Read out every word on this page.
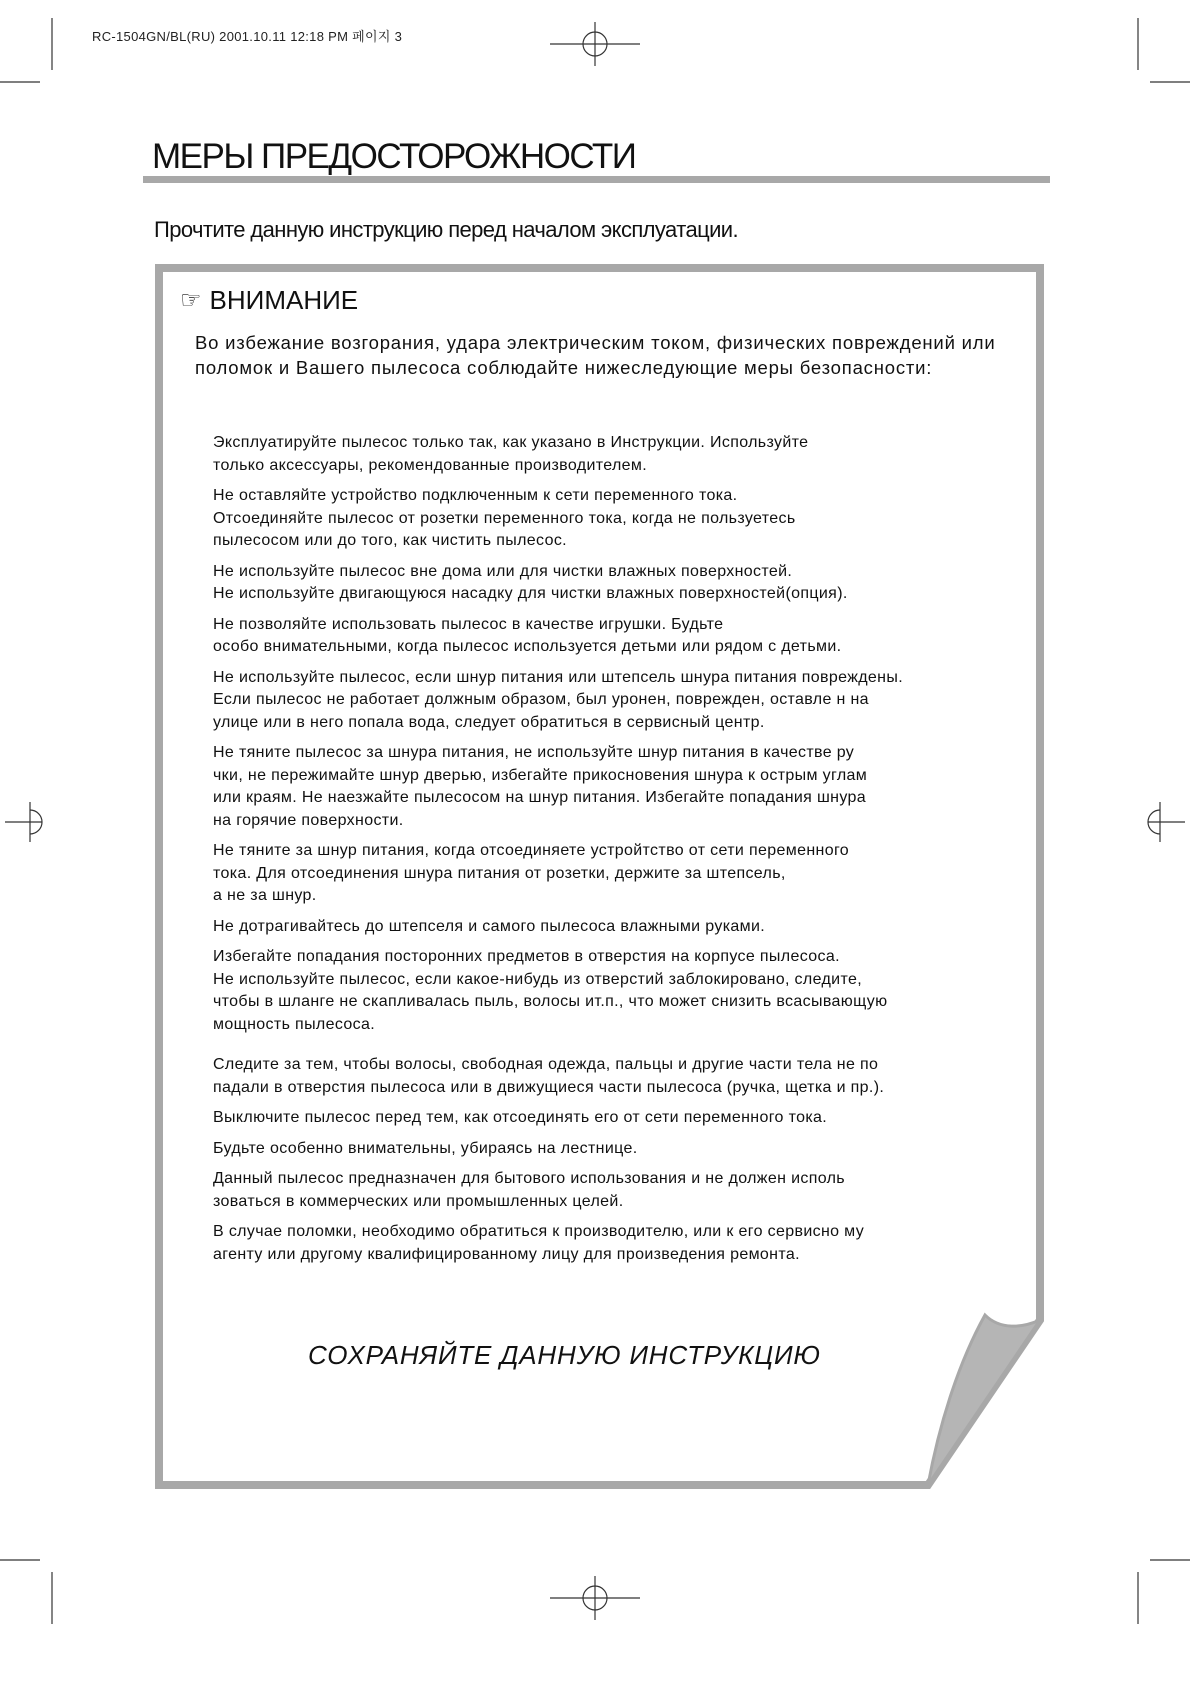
RC-1504GN/BL(RU) 2001.10.11 12:18 PM 페이지 3
МЕРЫ ПРЕДОСТОРОЖНОСТИ
Прочтите данную инструкцию перед началом эксплуатации.
☞ ВНИМАНИЕ
Во избежание возгорания, удара электрическим током, физических повреждений или поломок и Вашего пылесоса соблюдайте нижеследующие меры безопасности:
Эксплуатируйте пылесос только так, как указано в Инструкции. Используйте
только аксессуары, рекомендованные производителем.
Не оставляйте устройство подключенным к сети переменного тока.
Отсоединяйте пылесос от розетки переменного тока, когда не пользуетесь
пылесосом или до того, как чистить пылесос.
Не используйте пылесос вне дома или для чистки влажных поверхностей.
Не используйте двигающуюся насадку для чистки влажных поверхностей(опция).
Не позволяйте использовать пылесос в качестве игрушки. Будьте
особо внимательными, когда пылесос используется детьми или рядом с детьми.
Не используйте пылесос, если шнур питания или штепсель шнура питания повреждены.
Если пылесос не работает должным образом, был уронен, поврежден, оставле н на
улице или в него попала вода, следует обратиться в сервисный центр.
Не тяните пылесос за шнура питания, не используйте шнур питания в качестве ру
чки, не пережимайте шнур дверью, избегайте прикосновения шнура к острым углам
или краям. Не наезжайте пылесосом на шнур питания. Избегайте попадания шнура
на горячие поверхности.
Не тяните за шнур питания, когда отсоединяете устройтство от сети переменного
тока. Для отсоединения шнура питания от розетки, держите за штепсель,
а не за шнур.
Не дотрагивайтесь до штепселя и самого пылесоса влажными руками.
Избегайте попадания посторонних предметов в отверстия на корпусе пылесоса.
Не используйте пылесос, если какое-нибудь из отверстий заблокировано, следите,
чтобы в шланге не скапливалась пыль, волосы ит.п., что может снизить всасывающую
мощность пылесоса.
Следите за тем, чтобы волосы, свободная одежда, пальцы и другие части тела не по
падали в отверстия пылесоса или в движущиеся части пылесоса (ручка, щетка и пр.).
Выключите пылесос перед тем, как отсоединять его от сети переменного тока.
Будьте особенно внимательны, убираясь на лестнице.
Данный пылесос предназначен для бытового использования и не должен исполь
зоваться в коммерческих или промышленных целей.
В случае поломки, необходимо обратиться к производителю, или к его сервисно му
агенту или другому квалифицированному лицу для произведения ремонта.
СОХРАНЯЙТЕ ДАННУЮ ИНСТРУКЦИЮ
